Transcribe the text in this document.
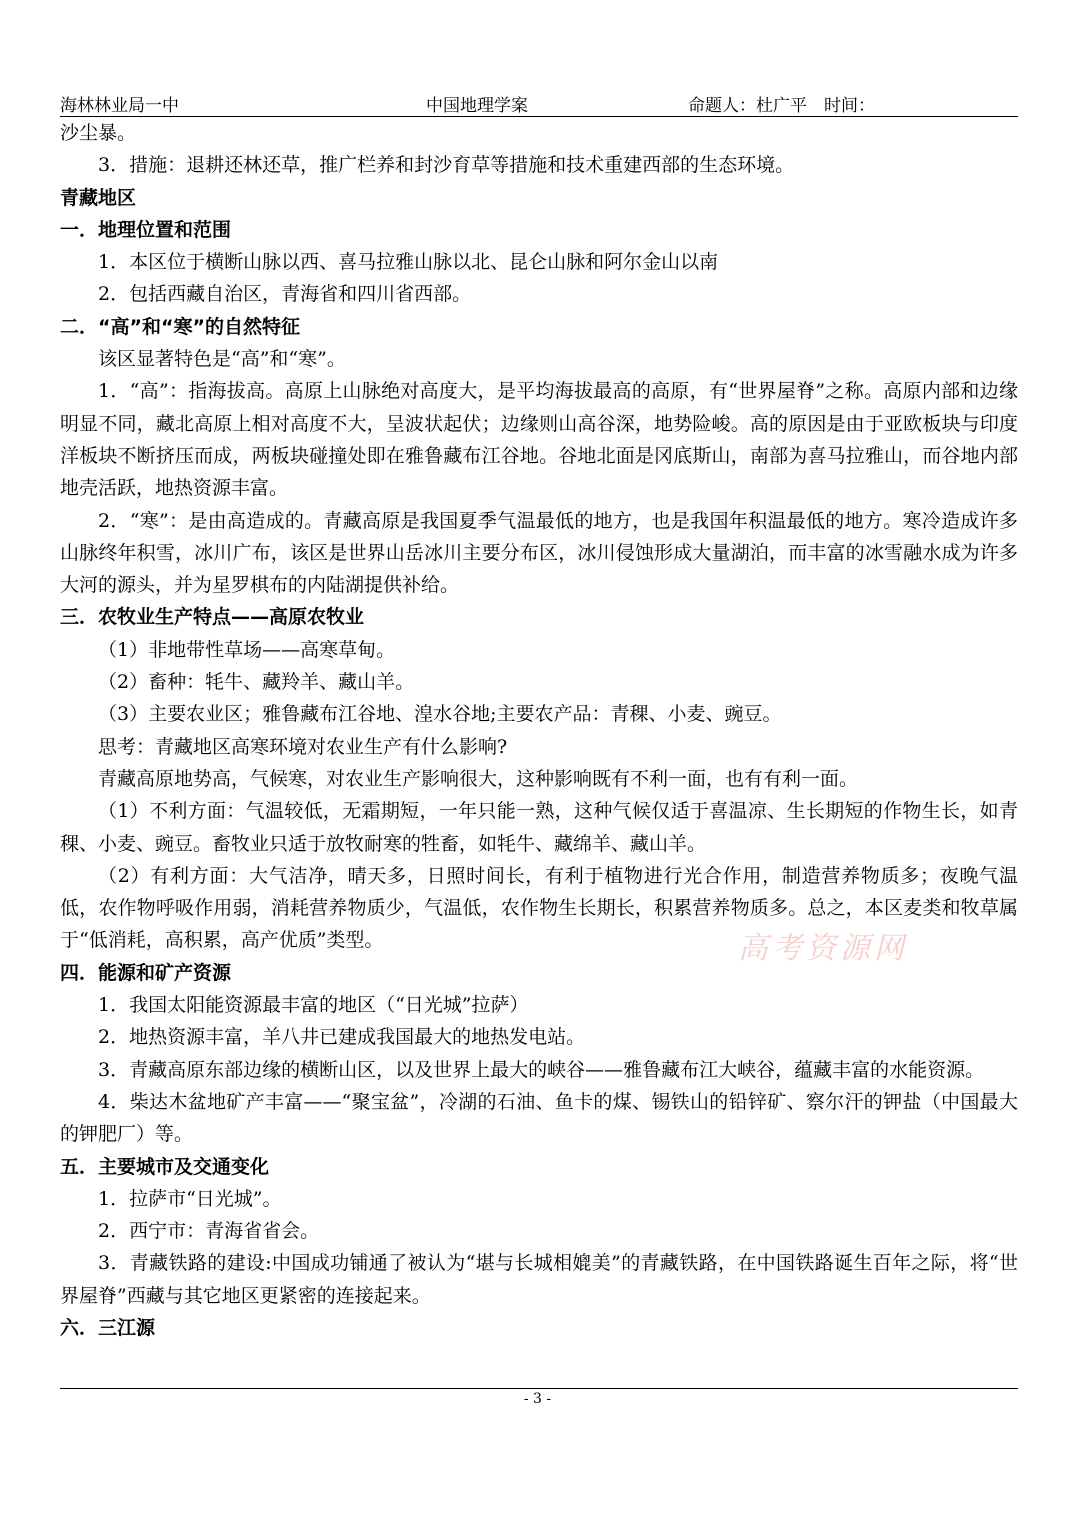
海林林业局一中	中国地理学案	命题人：杜广平　时间：

沙尘暴。

3．措施：退耕还林还草，推广栏养和封沙育草等措施和技术重建西部的生态环境。

青藏地区

一．地理位置和范围

1．本区位于横断山脉以西、喜马拉雅山脉以北、昆仑山脉和阿尔金山以南

2．包括西藏自治区，青海省和四川省西部。

二．“高”和“寒”的自然特征

该区显著特色是“高”和“寒”。

1．“高”：指海拔高。高原上山脉绝对高度大，是平均海拔最高的高原，有“世界屋脊”之称。高原内部和边缘明显不同，藏北高原上相对高度不大，呈波状起伏；边缘则山高谷深，地势险峻。高的原因是由于亚欧板块与印度洋板块不断挤压而成，两板块碰撞处即在雅鲁藏布江谷地。谷地北面是冈底斯山，南部为喜马拉雅山，而谷地内部地壳活跃，地热资源丰富。

2．“寒”：是由高造成的。青藏高原是我国夏季气温最低的地方，也是我国年积温最低的地方。寒冷造成许多山脉终年积雪，冰川广布，该区是世界山岳冰川主要分布区，冰川侵蚀形成大量湖泊，而丰富的冰雪融水成为许多大河的源头，并为星罗棋布的内陆湖提供补给。

三．农牧业生产特点——高原农牧业

（1）非地带性草场——高寒草甸。

（2）畜种：牦牛、藏羚羊、藏山羊。

（3）主要农业区；雅鲁藏布江谷地、湟水谷地;主要农产品：青稞、小麦、豌豆。

思考：青藏地区高寒环境对农业生产有什么影响?

青藏高原地势高，气候寒，对农业生产影响很大，这种影响既有不利一面，也有有利一面。

（1）不利方面：气温较低，无霜期短，一年只能一熟，这种气候仅适于喜温凉、生长期短的作物生长，如青稞、小麦、豌豆。畜牧业只适于放牧耐寒的牲畜，如牦牛、藏绵羊、藏山羊。

（2）有利方面：大气洁净，晴天多，日照时间长，有利于植物进行光合作用，制造营养物质多；夜晚气温低，农作物呼吸作用弱，消耗营养物质少，气温低，农作物生长期长，积累营养物质多。总之，本区麦类和牧草属于“低消耗，高积累，高产优质”类型。

四．能源和矿产资源

1．我国太阳能资源最丰富的地区（“日光城”拉萨）

2．地热资源丰富，羊八井已建成我国最大的地热发电站。

3．青藏高原东部边缘的横断山区，以及世界上最大的峡谷——雅鲁藏布江大峡谷，蕴藏丰富的水能资源。

4．柴达木盆地矿产丰富——“聚宝盆”，冷湖的石油、鱼卡的煤、锡铁山的铅锌矿、察尔汗的钾盐（中国最大的钾肥厂）等。

五．主要城市及交通变化

1．拉萨市“日光城”。

2．西宁市：青海省省会。

3．青藏铁路的建设:中国成功铺通了被认为“堪与长城相媲美”的青藏铁路，在中国铁路诞生百年之际，将“世界屋脊”西藏与其它地区更紧密的连接起来。

六．三江源

高考资源网
- 3 -
